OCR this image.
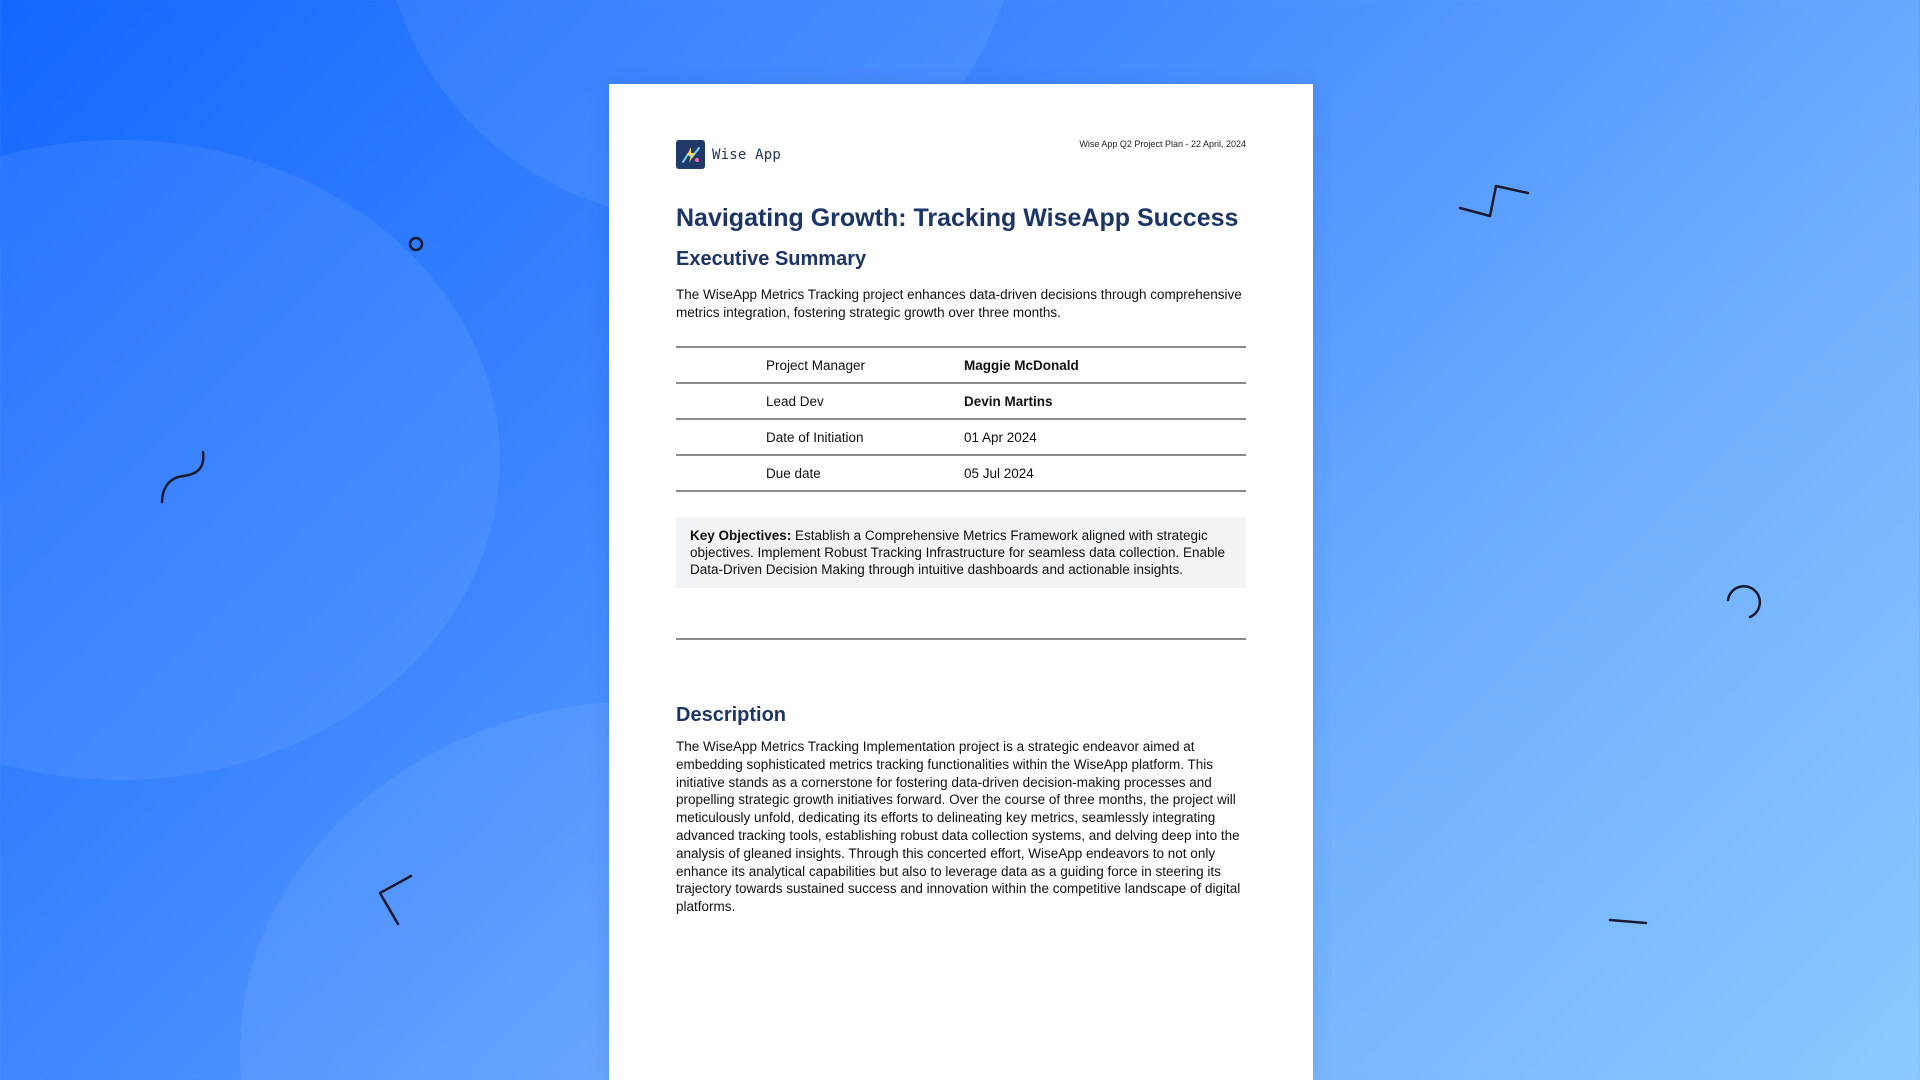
Wise App
Wise App Q2 Project Plan - 22 April, 2024
Navigating Growth: Tracking WiseApp Success
Executive Summary
The WiseApp Metrics Tracking project enhances data-driven decisions through comprehensive metrics integration, fostering strategic growth over three months.
Project Manager	Maggie McDonald
Lead Dev	Devin Martins
Date of Initiation	01 Apr 2024
Due date	05 Jul 2024
Key Objectives: Establish a Comprehensive Metrics Framework aligned with strategic objectives. Implement Robust Tracking Infrastructure for seamless data collection. Enable Data-Driven Decision Making through intuitive dashboards and actionable insights.
Description
The WiseApp Metrics Tracking Implementation project is a strategic endeavor aimed at embedding sophisticated metrics tracking functionalities within the WiseApp platform. This initiative stands as a cornerstone for fostering data-driven decision-making processes and propelling strategic growth initiatives forward. Over the course of three months, the project will meticulously unfold, dedicating its efforts to delineating key metrics, seamlessly integrating advanced tracking tools, establishing robust data collection systems, and delving deep into the analysis of gleaned insights. Through this concerted effort, WiseApp endeavors to not only enhance its analytical capabilities but also to leverage data as a guiding force in steering its trajectory towards sustained success and innovation within the competitive landscape of digital platforms.
